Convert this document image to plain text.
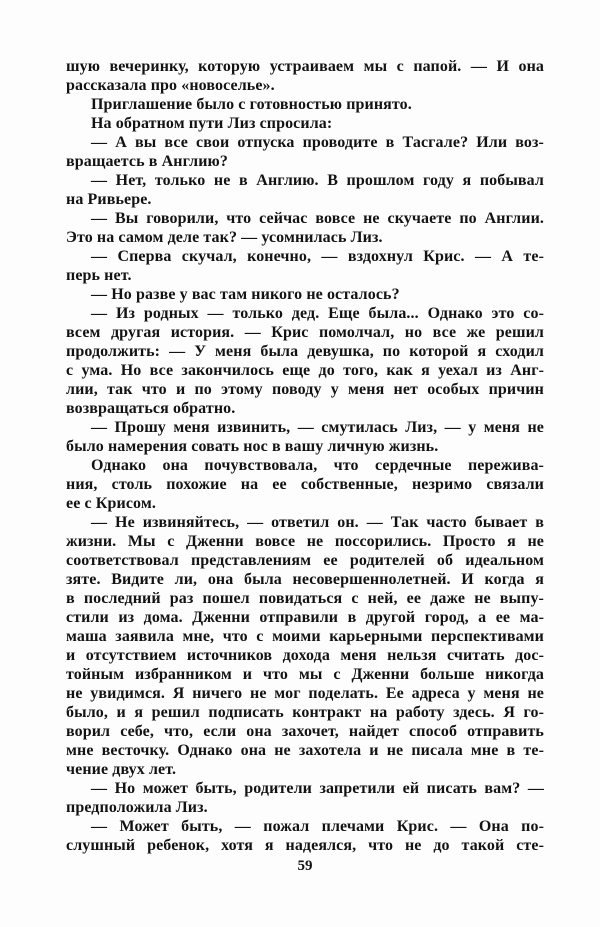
шую вечеринку, которую устраиваем мы с папой. — И она
рассказала про «новоселье».
Приглашение было с готовностью принято.
На обратном пути Лиз спросила:
— А вы все свои отпуска проводите в Тасгале? Или воз-
вращаетсь в Англию?
— Нет, только не в Англию. В прошлом году я побывал
на Ривьере.
— Вы говорили, что сейчас вовсе не скучаете по Англии.
Это на самом деле так? — усомнилась Лиз.
— Сперва скучал, конечно, — вздохнул Крис. — А те-
перь нет.
— Но разве у вас там никого не осталось?
— Из родных — только дед. Еще была... Однако это со-
всем другая история. — Крис помолчал, но все же решил
продолжить: — У меня была девушка, по которой я сходил
с ума. Но все закончилось еще до того, как я уехал из Анг-
лии, так что и по этому поводу у меня нет особых причин
возвращаться обратно.
— Прошу меня извинить, — смутилась Лиз, — у меня не
было намерения совать нос в вашу личную жизнь.
Однако она почувствовала, что сердечные пережива-
ния, столь похожие на ее собственные, незримо связали
ее с Крисом.
— Не извиняйтесь, — ответил он. — Так часто бывает в
жизни. Мы с Дженни вовсе не поссорились. Просто я не
соответствовал представлениям ее родителей об идеальном
зяте. Видите ли, она была несовершеннолетней. И когда я
в последний раз пошел повидаться с ней, ее даже не выпу-
стили из дома. Дженни отправили в другой город, а ее ма-
маша заявила мне, что с моими карьерными перспективами
и отсутствием источников дохода меня нельзя считать дос-
тойным избранником и что мы с Дженни больше никогда
не увидимся. Я ничего не мог поделать. Ее адреса у меня не
было, и я решил подписать контракт на работу здесь. Я го-
ворил себе, что, если она захочет, найдет способ отправить
мне весточку. Однако она не захотела и не писала мне в те-
чение двух лет.
— Но может быть, родители запретили ей писать вам? —
предположила Лиз.
— Может быть, — пожал плечами Крис. — Она по-
слушный ребенок, хотя я надеялся, что не до такой сте-
59
